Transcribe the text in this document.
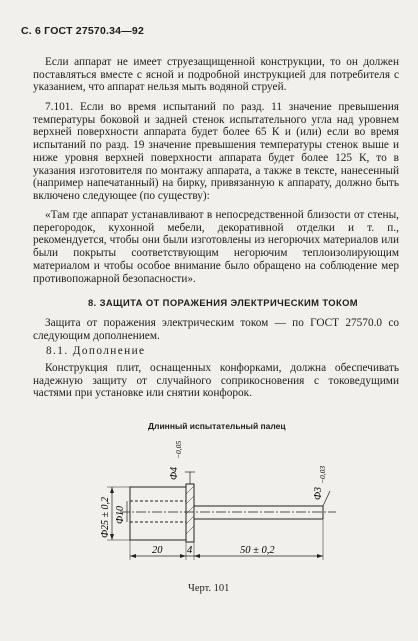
С. 6 ГОСТ 27570.34—92

Если аппарат не имеет струезащищенной конструкции, то он должен поставляться вместе с ясной и подробной инструкцией для потребителя с указанием, что аппарат нельзя мыть водяной струей.

7.101. Если во время испытаний по разд. 11 значение превышения температуры боковой и задней стенок испытательного угла над уровнем верхней поверхности аппарата будет более 65 К и (или) если во время испытаний по разд. 19 значение превышения температуры стенок выше и ниже уровня верхней поверхности аппарата будет более 125 К, то в указания изготовителя по монтажу аппарата, а также в тексте, нанесенный (например напечатанный) на бирку, привязанную к аппарату, должно быть включено следующее (по существу):

«Там где аппарат устанавливают в непосредственной близости от стены, перегородок, кухонной мебели, декоративной отделки и т. п., рекомендуется, чтобы они были изготовлены из негорючих материалов или были покрыты соответствующим негорючим теплоизолирующим материалом и чтобы особое внимание было обращено на соблюдение мер противопожарной безопасности».

8. ЗАЩИТА ОТ ПОРАЖЕНИЯ ЭЛЕКТРИЧЕСКИМ ТОКОМ

Защита от поражения электрическим током — по ГОСТ 27570.0 со следующим дополнением.

8.1. Дополнение

Конструкция плит, оснащенных конфорками, должна обеспечивать надежную защиту от случайного соприкосновения с токоведущими частями при установке или снятии конфорок.

Длинный испытательный палец
Ф4
−0,05
Ф3
−0,03
Ф10
Ф25 ± 0,2
20 4	50 ± 0,2
Черт. 101
